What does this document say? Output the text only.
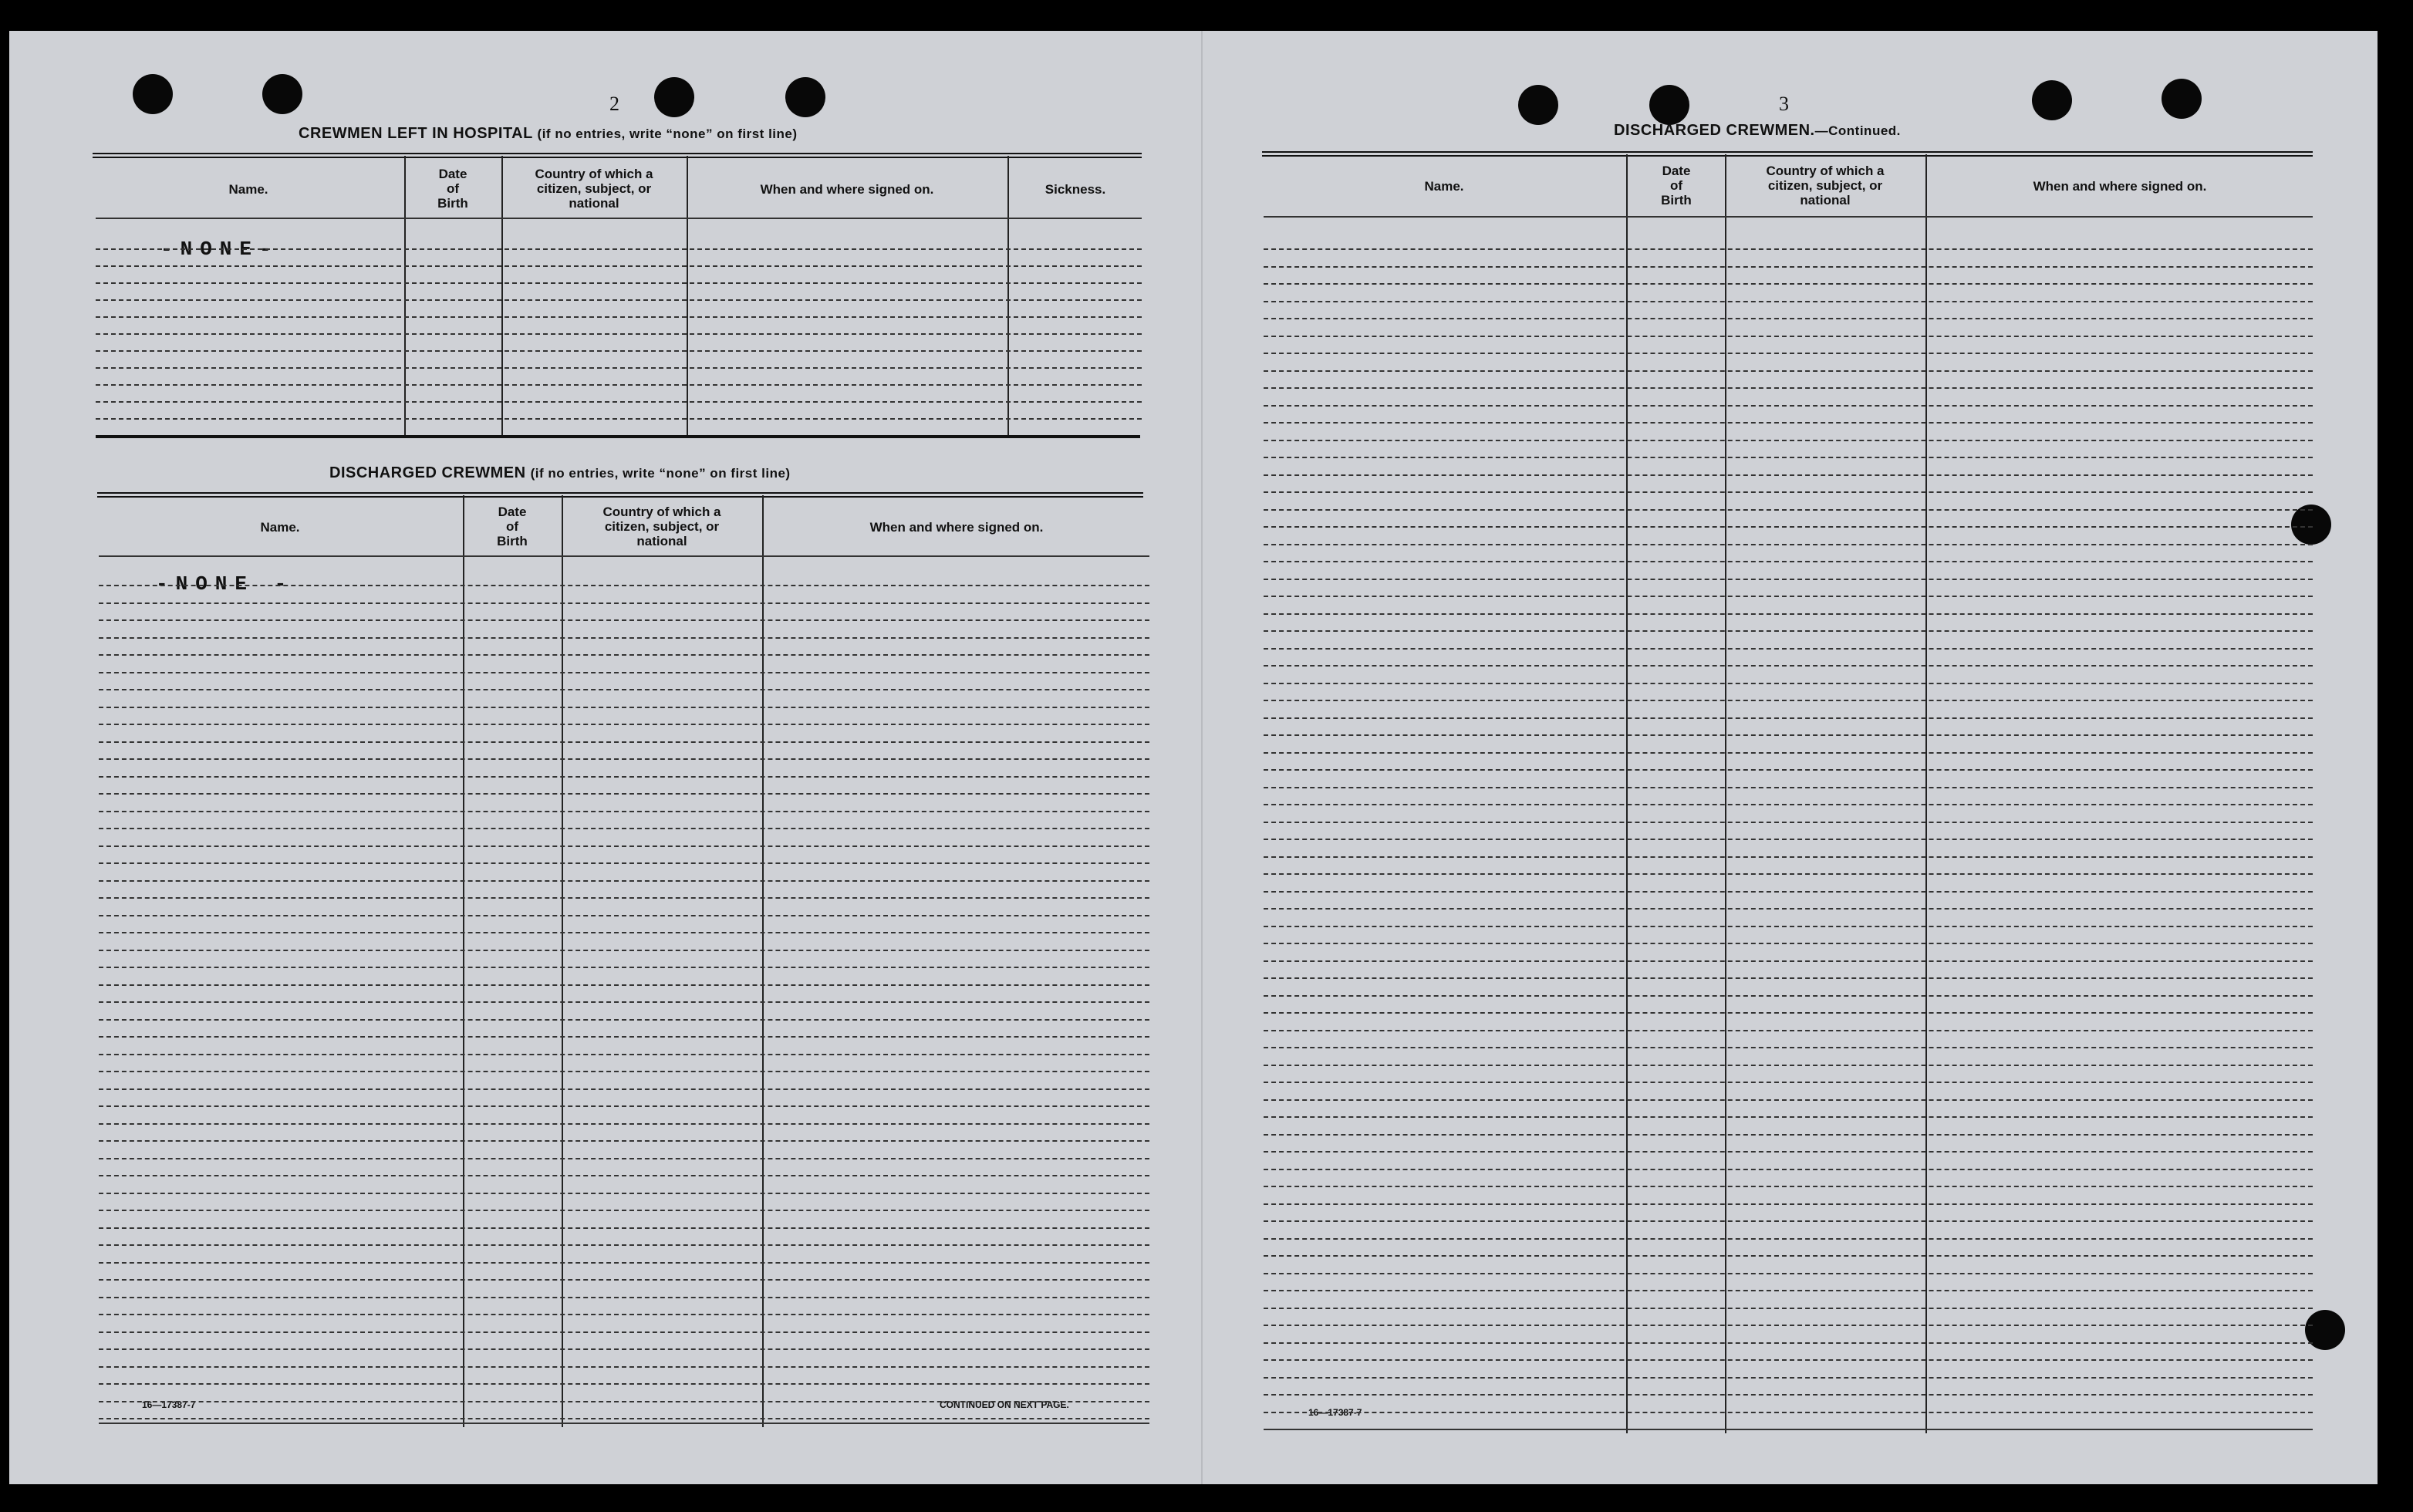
2
CREWMEN LEFT IN HOSPITAL (if no entries, write “none” on first line)
Name.
Date
of
Birth
Country of which a
citizen, subject, or
national
When and where signed on.	Sickness.
-NONE-
DISCHARGED CREWMEN (if no entries, write “none” on first line)
Name.
Date
of
Birth
Country of which a
citizen, subject, or
national
When and where signed on.
-NONE -
16—17387-7	CONTINUED ON NEXT PAGE.
3
DISCHARGED CREWMEN.—Continued.
Name.
Date
of
Birth
Country of which a
citizen, subject, or
national
When and where signed on.
16—17387-7
